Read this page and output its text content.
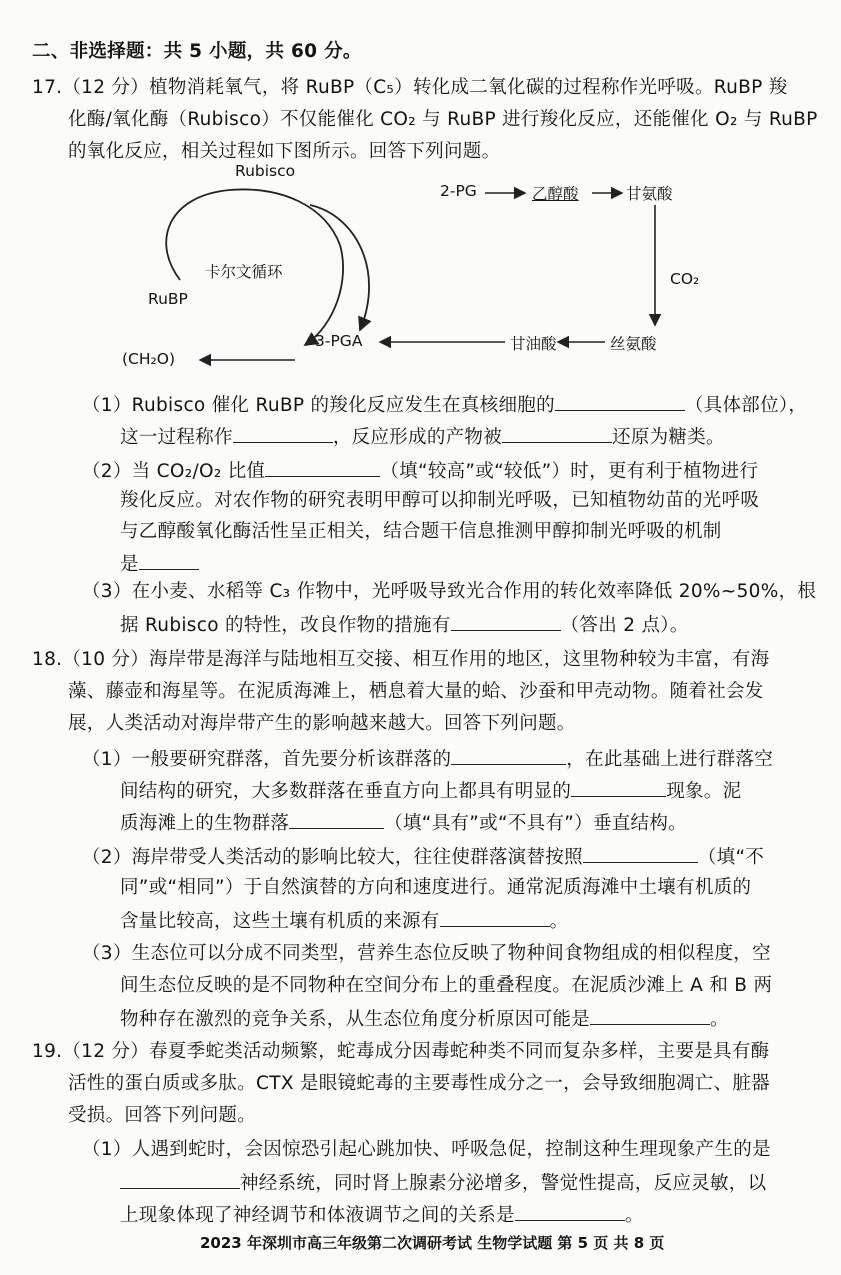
二、非选择题：共 5 小题，共 60 分。
17.（12 分）植物消耗氧气，将 RuBP（C₅）转化成二氧化碳的过程称作光呼吸。RuBP 羧
化酶/氧化酶（Rubisco）不仅能催化 CO₂ 与 RuBP 进行羧化反应，还能催化 O₂ 与 RuBP
的氧化反应，相关过程如下图所示。回答下列问题。
Rubisco
卡尔文循环
RuBP
3-PGA
(CH₂O)
2-PG	乙醇酸	甘氨酸
CO₂
丝氨酸
甘油酸
（1）Rubisco 催化 RuBP 的羧化反应发生在真核细胞的	（具体部位），
这一过程称作	，反应形成的产物被	还原为糖类。
（2）当 CO₂/O₂ 比值	（填“较高”或“较低”）时，更有利于植物进行
羧化反应。对农作物的研究表明甲醇可以抑制光呼吸，已知植物幼苗的光呼吸
与乙醇酸氧化酶活性呈正相关，结合题干信息推测甲醇抑制光呼吸的机制
是
（3）在小麦、水稻等 C₃ 作物中，光呼吸导致光合作用的转化效率降低 20%~50%，根
据 Rubisco 的特性，改良作物的措施有	（答出 2 点）。
18.（10 分）海岸带是海洋与陆地相互交接、相互作用的地区，这里物种较为丰富，有海
藻、藤壶和海星等。在泥质海滩上，栖息着大量的蛤、沙蚕和甲壳动物。随着社会发
展，人类活动对海岸带产生的影响越来越大。回答下列问题。
（1）一般要研究群落，首先要分析该群落的	，在此基础上进行群落空
间结构的研究，大多数群落在垂直方向上都具有明显的	现象。泥
质海滩上的生物群落	（填“具有”或“不具有”）垂直结构。
（2）海岸带受人类活动的影响比较大，往往使群落演替按照	（填“不
同”或“相同”）于自然演替的方向和速度进行。通常泥质海滩中土壤有机质的
含量比较高，这些土壤有机质的来源有	。
（3）生态位可以分成不同类型，营养生态位反映了物种间食物组成的相似程度，空
间生态位反映的是不同物种在空间分布上的重叠程度。在泥质沙滩上 A 和 B 两
物种存在激烈的竞争关系，从生态位角度分析原因可能是	。
19.（12 分）春夏季蛇类活动频繁，蛇毒成分因毒蛇种类不同而复杂多样，主要是具有酶
活性的蛋白质或多肽。CTX 是眼镜蛇毒的主要毒性成分之一，会导致细胞凋亡、脏器
受损。回答下列问题。
（1）人遇到蛇时，会因惊恐引起心跳加快、呼吸急促，控制这种生理现象产生的是
神经系统，同时肾上腺素分泌增多，警觉性提高，反应灵敏，以
上现象体现了神经调节和体液调节之间的关系是	。
2023 年深圳市高三年级第二次调研考试 生物学试题 第 5 页 共 8 页
